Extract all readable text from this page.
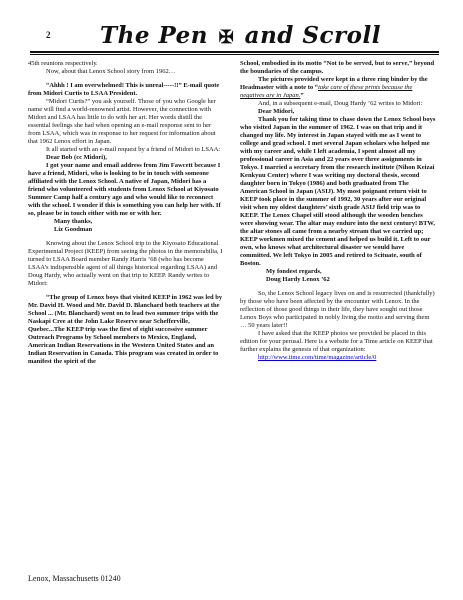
2 The Pen ✠ and Scroll

45th reunions respectively.

Now, about that Lenox School story from 1962…

“Ahhh ! I am overwhelmed! This is unreal-----!!” E-mail quote from Midori Curtis to LSAA President.

“Midori Curtis?” you ask yourself. Those of you who Google her name will find a world-renowned artist. However, the connection with Midori and LSAA has little to do with her art. Her words distill the essential feelings she had when opening an e-mail response sent to her from LSAA, which was in response to her request for information about that 1962 Lenox effort in Japan.

It all started with an e-mail request by a friend of Midori to LSAA:

Dear Bob (cc Midori),

I got your name and email address from Jim Fawcett because I have a friend, Midori, who is looking to be in touch with someone affiliated with the Lenox School. A native of Japan, Midori has a friend who volunteered with students from Lenox School at Kiyosato Summer Camp half a century ago and who would like to reconnect with the school. I wonder if this is something you can help her with. If so, please be in touch either with me or with her.

Many thanks,

Liz Goodman

Knowing about the Lenox School trip to the Kiyosato Educational Experimental Project (KEEP) from seeing the photos in the memorabilia, I turned to LSAA Board member Randy Harris ’68 (who has become LSAA’s indispensible agent of all things historical regarding LSAA) and Doug Hardy, who actually went on that trip to KEEP. Randy writes to Midori:

“The group of Lenox boys that visited KEEP in 1962 was led by Mr. David H. Wood and Mr. David D. Blanchard both teachers at the School ... (Mr. Blanchard) went on to lead two summer trips with the Naskapi Cree at the John Lake Reserve near Schefferville, Quebec...The KEEP trip was the first of eight successive summer Outreach Programs by School members to Mexico, England, American Indian Reservations in the Western United States and an Indian Reservation in Canada. This program was created in order to manifest the spirit of the

School, embodied in its motto “Not to be served, but to serve,” beyond the boundaries of the campus.

The pictures provided were kept in a three ring binder by the Headmaster with a note to “take care of these prints because the negatives are in Japan.”

And, in a subsequent e-mail, Doug Hardy ’62 writes to Midori:

Dear Midori,

Thank you for taking time to chase down the Lenox School boys who visited Japan in the summer of 1962. I was on that trip and it changed my life. My interest in Japan stayed with me as I went to college and grad school. I met several Japan scholars who helped me with my career and, while I left academia, I spent almost all my professional career in Asia and 22 years over three assignments in Tokyo. I married a secretary from the research institute (Nihon Keizai Kenkyuu Center) where I was writing my doctoral thesis, second daughter born in Tokyo (1986) and both graduated from The American School in Japan (ASIJ). My most poignant return visit to KEEP took place in the summer of 1992, 30 years after our original visit when my oldest daughters’ sixth grade ASIJ field trip was to KEEP. The Lenox Chapel still stood although the wooden benches were showing wear. The altar may endure into the next century! BTW, the altar stones all came from a nearby stream that we carried up; KEEP workmen mixed the cement and helped us build it. Left to our own, who knows what architectural disaster we would have committed. We left Tokyo in 2005 and retired to Scituate, south of Boston.

My fondest regards,

Doug Hardy Lenox ’62

So, the Lenox School legacy lives on and is resurrected (thankfully) by those who have been affected by the encounter with Lenox. In the reflection of those good things in their life, they have sought out those Lenox Boys who participated in nobly living the motto and serving them … 50 years later!!

I have asked that the KEEP photos we provided be placed in this edition for your perusal. Here is a website for a Time article on KEEP that further explains the genesis of that organization:

http://www.time.com/time/magazine/article/0

Lenox, Massachusetts 01240
